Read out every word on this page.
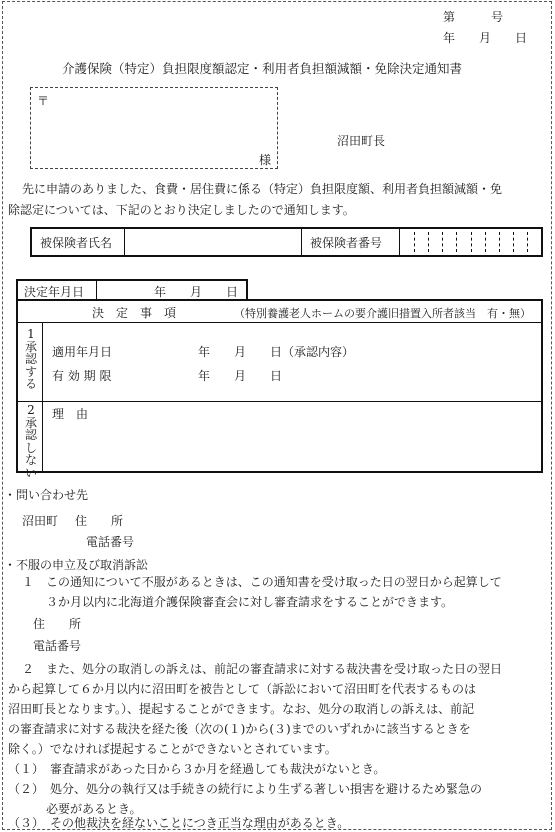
第　　　号
年　　月　　日
介護保険（特定）負担限度額認定・利用者負担額減額・免除決定通知書
〒
様
沼田町長
先に申請のありました、食費・居住費に係る（特定）負担限度額、利用者負担額減額・免
除認定については、下記のとおり決定しましたので通知します。
被保険者氏名	被保険者番号
決定年月日	年　　月　　日
決　定　事　項	（特別養護老人ホームの要介護旧措置入所者該当　有・無）
1
承
認
す
る
適用年月日	年　　月　　日（承認内容）
有 効 期 限	年　　月　　日
2
承
認
し
な
い
理　由
・問い合わせ先
沼田町 住　　所
電話番号
・不服の申立及び取消訴訟
１　この通知について不服があるときは、この通知書を受け取った日の翌日から起算して
３か月以内に北海道介護保険審査会に対し審査請求をすることができます。
住　　所
電話番号
２　また、処分の取消しの訴えは、前記の審査請求に対する裁決書を受け取った日の翌日
から起算して６か月以内に沼田町を被告として（訴訟において沼田町を代表するものは
沼田町長となります。）、提起することができます。なお、処分の取消しの訴えは、前記
の審査請求に対する裁決を経た後（次の(１)から(３)までのいずれかに該当するときを
除く。）でなければ提起することができないとされています。
（１）　審査請求があった日から３か月を経過しても裁決がないとき。
（２）　処分、処分の執行又は手続きの続行により生ずる著しい損害を避けるため緊急の
必要があるとき。
（３）　その他裁決を経ないことにつき正当な理由があるとき。
